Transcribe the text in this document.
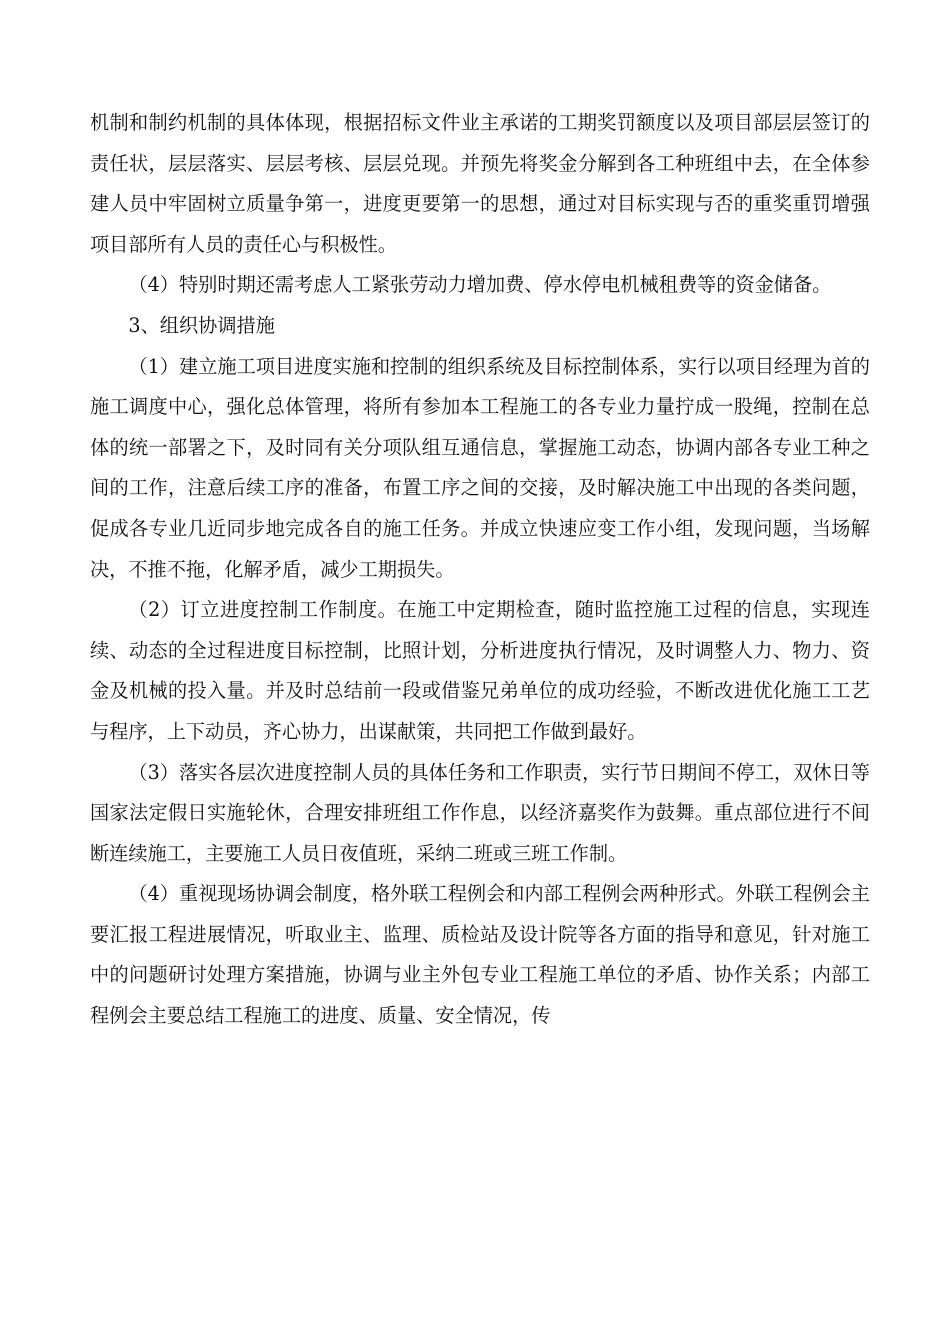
机制和制约机制的具体体现，根据招标文件业主承诺的工期奖罚额度以及项目部层层签订的责任状，层层落实、层层考核、层层兑现。并预先将奖金分解到各工种班组中去，在全体参建人员中牢固树立质量争第一，进度更要第一的思想，通过对目标实现与否的重奖重罚增强项目部所有人员的责任心与积极性。

（4）特别时期还需考虑人工紧张劳动力增加费、停水停电机械租费等的资金储备。

3、组织协调措施

（1）建立施工项目进度实施和控制的组织系统及目标控制体系，实行以项目经理为首的施工调度中心，强化总体管理，将所有参加本工程施工的各专业力量拧成一股绳，控制在总体的统一部署之下，及时同有关分项队组互通信息，掌握施工动态，协调内部各专业工种之间的工作，注意后续工序的准备，布置工序之间的交接，及时解决施工中出现的各类问题，促成各专业几近同步地完成各自的施工任务。并成立快速应变工作小组，发现问题，当场解决，不推不拖，化解矛盾，减少工期损失。

（2）订立进度控制工作制度。在施工中定期检查，随时监控施工过程的信息，实现连续、动态的全过程进度目标控制，比照计划，分析进度执行情况，及时调整人力、物力、资金及机械的投入量。并及时总结前一段或借鉴兄弟单位的成功经验，不断改进优化施工工艺与程序，上下动员，齐心协力，出谋献策，共同把工作做到最好。

（3）落实各层次进度控制人员的具体任务和工作职责，实行节日期间不停工，双休日等国家法定假日实施轮休，合理安排班组工作作息，以经济嘉奖作为鼓舞。重点部位进行不间断连续施工，主要施工人员日夜值班，采纳二班或三班工作制。

（4）重视现场协调会制度，格外联工程例会和内部工程例会两种形式。外联工程例会主要汇报工程进展情况，听取业主、监理、质检站及设计院等各方面的指导和意见，针对施工中的问题研讨处理方案措施，协调与业主外包专业工程施工单位的矛盾、协作关系；内部工程例会主要总结工程施工的进度、质量、安全情况，传
